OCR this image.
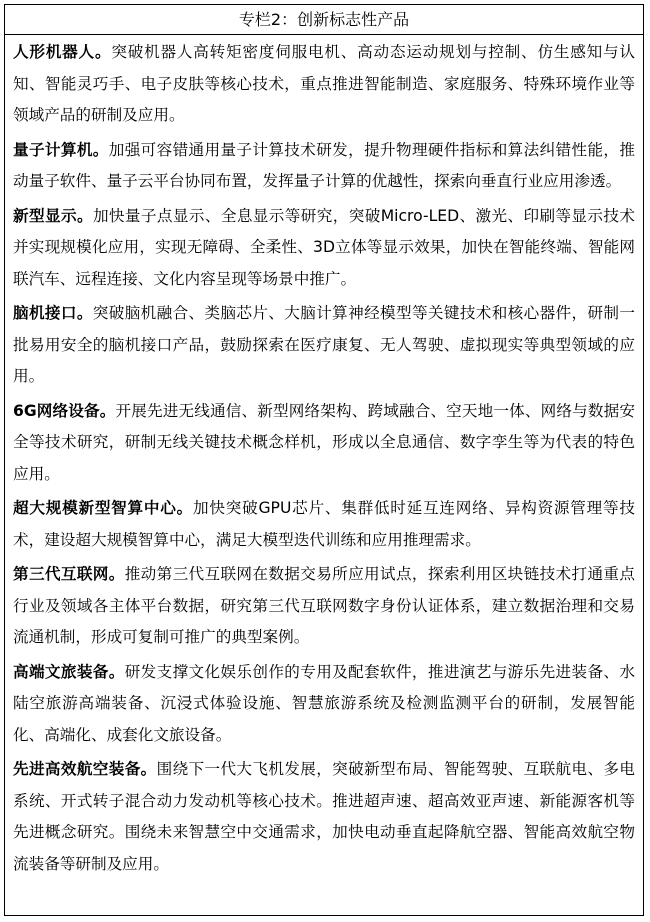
专栏2：创新标志性产品

人形机器人。突破机器人高转矩密度伺服电机、高动态运动规划与控制、仿生感知与认知、智能灵巧手、电子皮肤等核心技术，重点推进智能制造、家庭服务、特殊环境作业等领域产品的研制及应用。

量子计算机。加强可容错通用量子计算技术研发，提升物理硬件指标和算法纠错性能，推动量子软件、量子云平台协同布置，发挥量子计算的优越性，探索向垂直行业应用渗透。

新型显示。加快量子点显示、全息显示等研究，突破Micro-LED、激光、印刷等显示技术并实现规模化应用，实现无障碍、全柔性、3D立体等显示效果，加快在智能终端、智能网联汽车、远程连接、文化内容呈现等场景中推广。

脑机接口。突破脑机融合、类脑芯片、大脑计算神经模型等关键技术和核心器件，研制一批易用安全的脑机接口产品，鼓励探索在医疗康复、无人驾驶、虚拟现实等典型领域的应用。

6G网络设备。开展先进无线通信、新型网络架构、跨域融合、空天地一体、网络与数据安全等技术研究，研制无线关键技术概念样机，形成以全息通信、数字孪生等为代表的特色应用。

超大规模新型智算中心。加快突破GPU芯片、集群低时延互连网络、异构资源管理等技术，建设超大规模智算中心，满足大模型迭代训练和应用推理需求。

第三代互联网。推动第三代互联网在数据交易所应用试点，探索利用区块链技术打通重点行业及领域各主体平台数据，研究第三代互联网数字身份认证体系，建立数据治理和交易流通机制，形成可复制可推广的典型案例。

高端文旅装备。研发支撑文化娱乐创作的专用及配套软件，推进演艺与游乐先进装备、水陆空旅游高端装备、沉浸式体验设施、智慧旅游系统及检测监测平台的研制，发展智能化、高端化、成套化文旅设备。

先进高效航空装备。围绕下一代大飞机发展，突破新型布局、智能驾驶、互联航电、多电系统、开式转子混合动力发动机等核心技术。推进超声速、超高效亚声速、新能源客机等先进概念研究。围绕未来智慧空中交通需求，加快电动垂直起降航空器、智能高效航空物流装备等研制及应用。
